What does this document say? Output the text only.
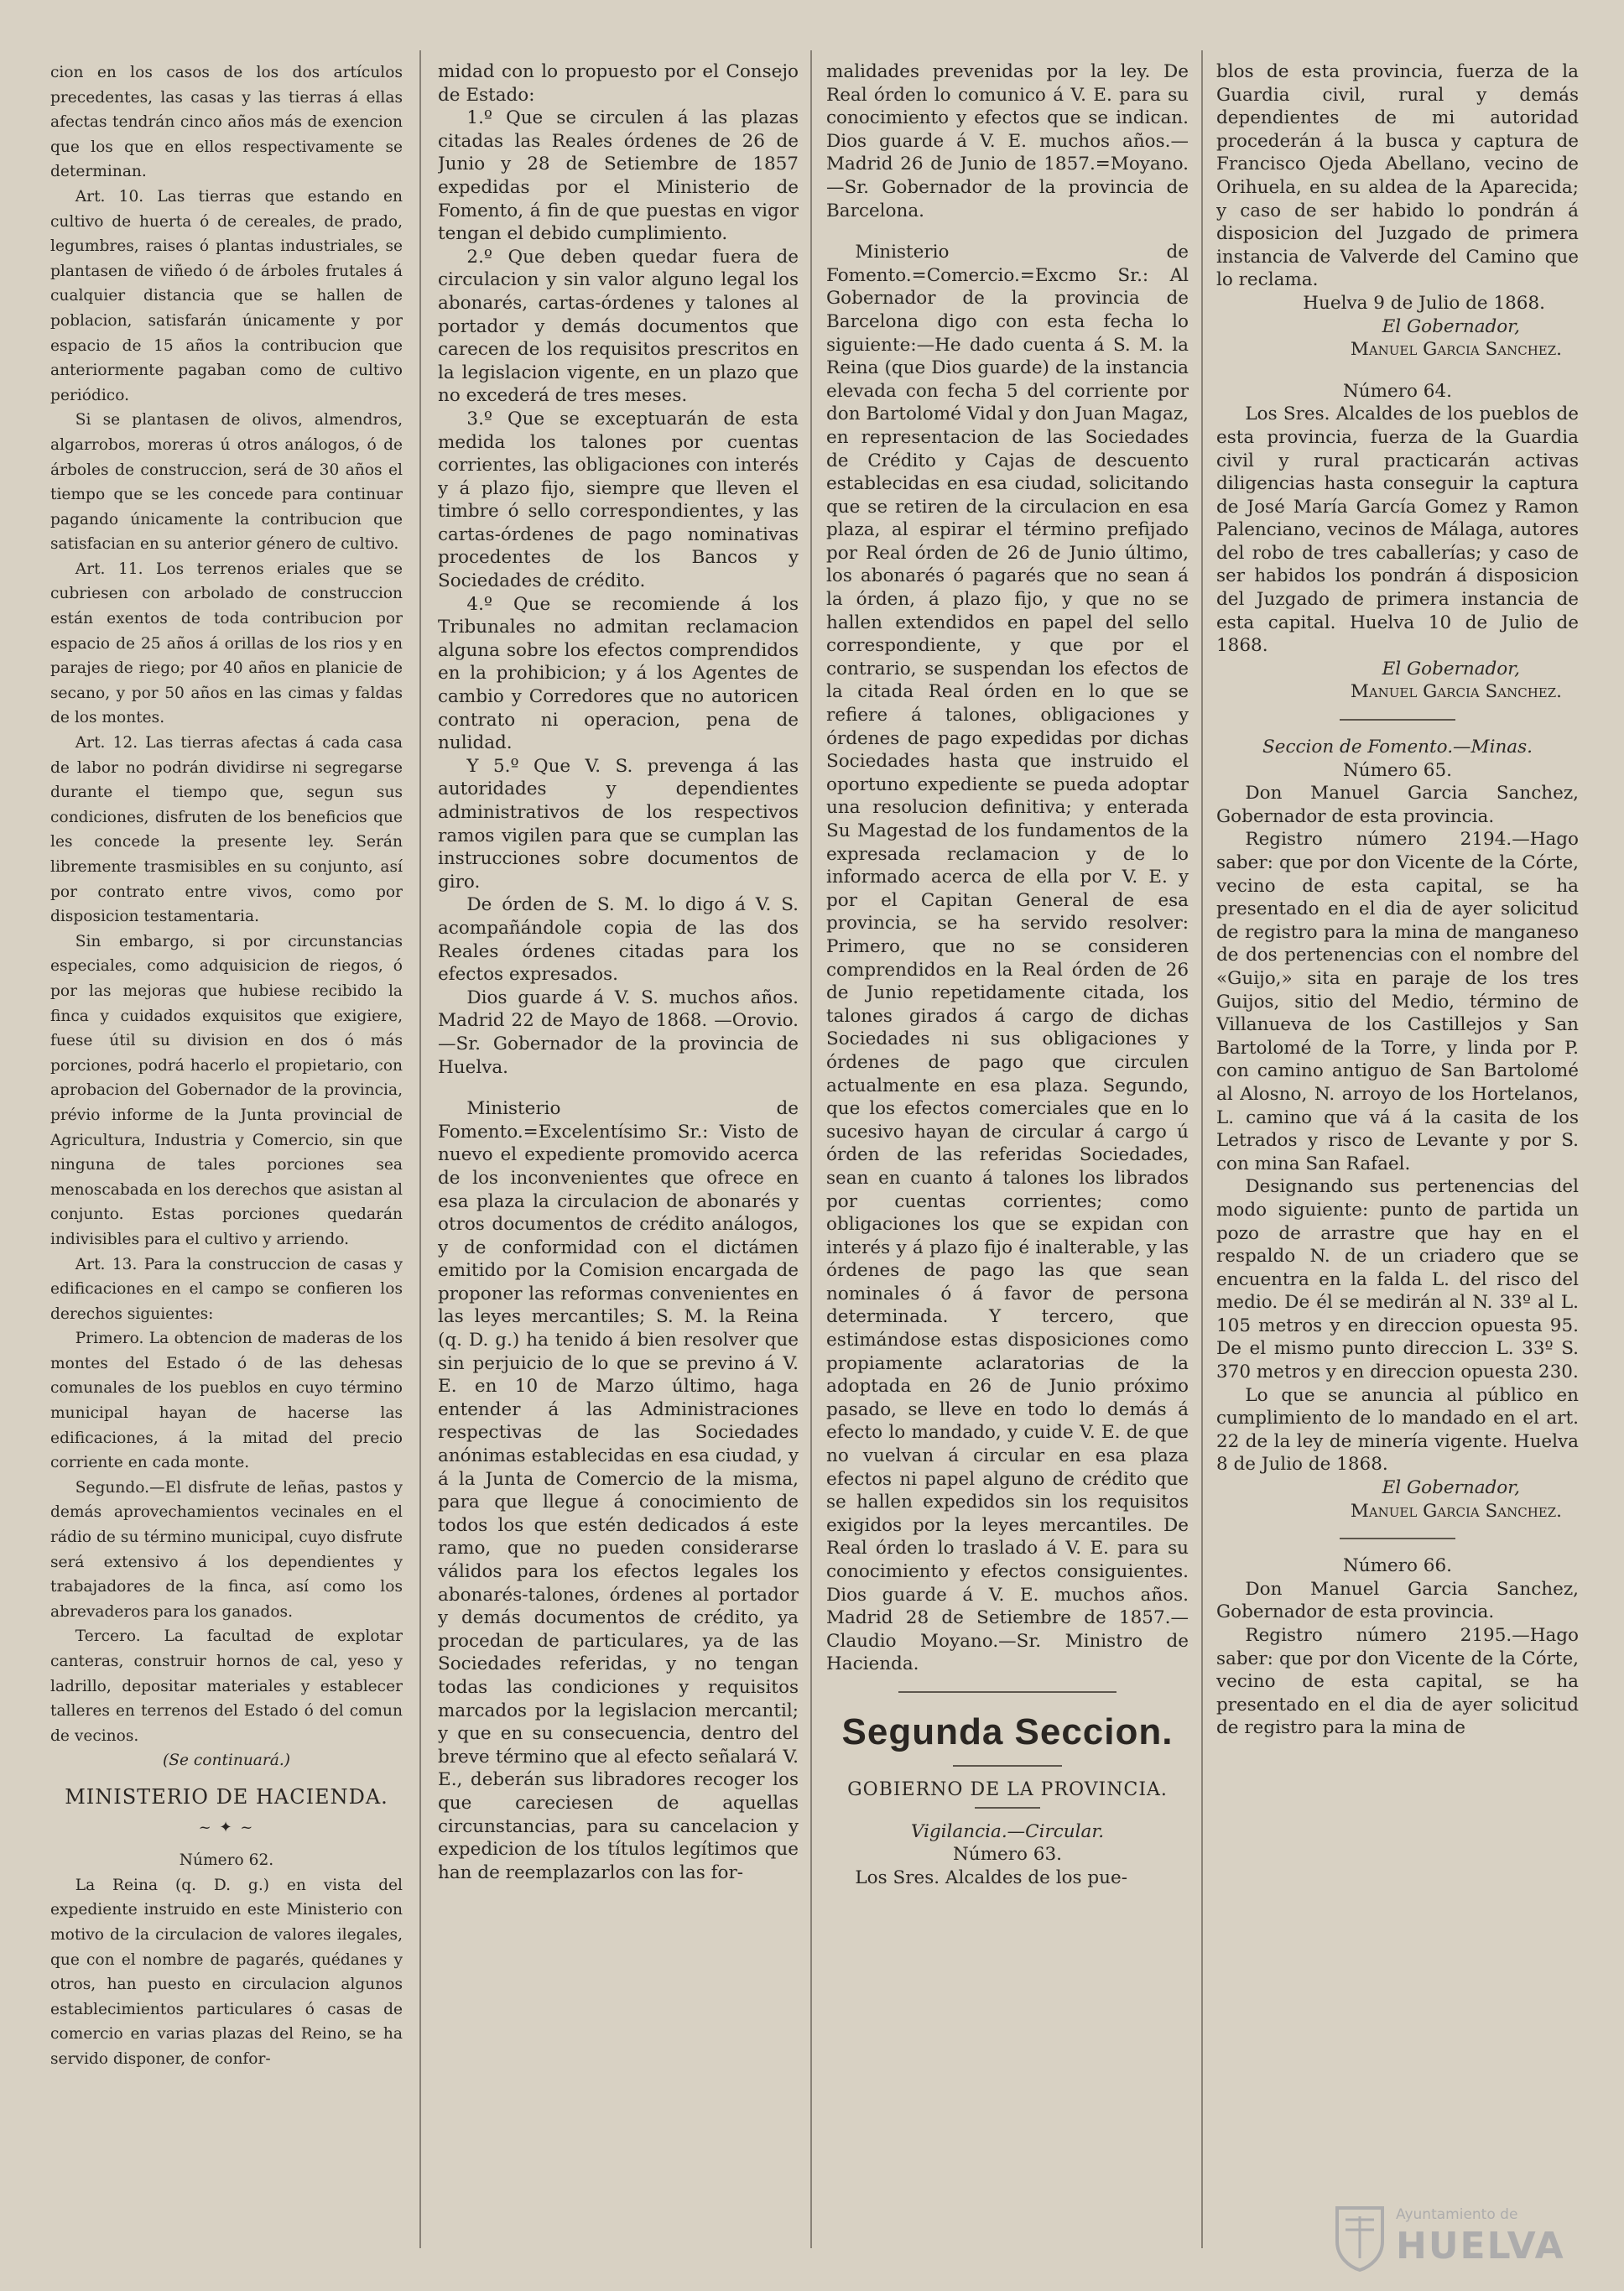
cion en los casos de los dos artículos precedentes, las casas y las tierras á ellas afectas tendrán cinco años más de exencion que los que en ellos respectivamente se determinan.

Art. 10. Las tierras que estando en cultivo de huerta ó de cereales, de prado, legumbres, raises ó plantas industriales, se plantasen de viñedo ó de árboles frutales á cualquier distancia que se hallen de poblacion, satisfarán únicamente y por espacio de 15 años la contribucion que anteriormente pagaban como de cultivo periódico.

Si se plantasen de olivos, almendros, algarrobos, moreras ú otros análogos, ó de árboles de construccion, será de 30 años el tiempo que se les concede para continuar pagando únicamente la contribucion que satisfacian en su anterior género de cultivo.

Art. 11. Los terrenos eriales que se cubriesen con arbolado de construccion están exentos de toda contribucion por espacio de 25 años á orillas de los rios y en parajes de riego; por 40 años en planicie de secano, y por 50 años en las cimas y faldas de los montes.

Art. 12. Las tierras afectas á cada casa de labor no podrán dividirse ni segregarse durante el tiempo que, segun sus condiciones, disfruten de los beneficios que les concede la presente ley. Serán libremente trasmisibles en su conjunto, así por contrato entre vivos, como por disposicion testamentaria.

Sin embargo, si por circunstancias especiales, como adquisicion de riegos, ó por las mejoras que hubiese recibido la finca y cuidados exquisitos que exigiere, fuese útil su division en dos ó más porciones, podrá hacerlo el propietario, con aprobacion del Gobernador de la provincia, prévio informe de la Junta provincial de Agricultura, Industria y Comercio, sin que ninguna de tales porciones sea menoscabada en los derechos que asistan al conjunto. Estas porciones quedarán indivisibles para el cultivo y arriendo.

Art. 13. Para la construccion de casas y edificaciones en el campo se confieren los derechos siguientes:

Primero. La obtencion de maderas de los montes del Estado ó de las dehesas comunales de los pueblos en cuyo término municipal hayan de hacerse las edificaciones, á la mitad del precio corriente en cada monte.

Segundo.—El disfrute de leñas, pastos y demás aprovechamientos vecinales en el rádio de su término municipal, cuyo disfrute será extensivo á los dependientes y trabajadores de la finca, así como los abrevaderos para los ganados.

Tercero. La facultad de explotar canteras, construir hornos de cal, yeso y ladrillo, depositar materiales y establecer talleres en terrenos del Estado ó del comun de vecinos.

(Se continuará.)

MINISTERIO DE HACIENDA.
~ ✦ ~

Número 62.

La Reina (q. D. g.) en vista del expediente instruido en este Ministerio con motivo de la circulacion de valores ilegales, que con el nombre de pagarés, quédanes y otros, han puesto en circulacion algunos establecimientos particulares ó casas de comercio en varias plazas del Reino, se ha servido disponer, de confor-

midad con lo propuesto por el Consejo de Estado:

1.º Que se circulen á las plazas citadas las Reales órdenes de 26 de Junio y 28 de Setiembre de 1857 expedidas por el Ministerio de Fomento, á fin de que puestas en vigor tengan el debido cumplimiento.

2.º Que deben quedar fuera de circulacion y sin valor alguno legal los abonarés, cartas-órdenes y talones al portador y demás documentos que carecen de los requisitos prescritos en la legislacion vigente, en un plazo que no excederá de tres meses.

3.º Que se exceptuarán de esta medida los talones por cuentas corrientes, las obligaciones con interés y á plazo fijo, siempre que lleven el timbre ó sello correspondientes, y las cartas-órdenes de pago nominativas procedentes de los Bancos y Sociedades de crédito.

4.º Que se recomiende á los Tribunales no admitan reclamacion alguna sobre los efectos comprendidos en la prohibicion; y á los Agentes de cambio y Corredores que no autoricen contrato ni operacion, pena de nulidad.

Y 5.º Que V. S. prevenga á las autoridades y dependientes administrativos de los respectivos ramos vigilen para que se cumplan las instrucciones sobre documentos de giro.

De órden de S. M. lo digo á V. S. acompañándole copia de las dos Reales órdenes citadas para los efectos expresados.

Dios guarde á V. S. muchos años. Madrid 22 de Mayo de 1868. —Orovio.—Sr. Gobernador de la provincia de Huelva.

Ministerio de Fomento.=Excelentísimo Sr.: Visto de nuevo el expediente promovido acerca de los inconvenientes que ofrece en esa plaza la circulacion de abonarés y otros documentos de crédito análogos, y de conformidad con el dictámen emitido por la Comision encargada de proponer las reformas convenientes en las leyes mercantiles; S. M. la Reina (q. D. g.) ha tenido á bien resolver que sin perjuicio de lo que se previno á V. E. en 10 de Marzo último, haga entender á las Administraciones respectivas de las Sociedades anónimas establecidas en esa ciudad, y á la Junta de Comercio de la misma, para que llegue á conocimiento de todos los que estén dedicados á este ramo, que no pueden considerarse válidos para los efectos legales los abonarés-talones, órdenes al portador y demás documentos de crédito, ya procedan de particulares, ya de las Sociedades referidas, y no tengan todas las condiciones y requisitos marcados por la legislacion mercantil; y que en su consecuencia, dentro del breve término que al efecto señalará V. E., deberán sus libradores recoger los que careciesen de aquellas circunstancias, para su cancelacion y expedicion de los títulos legítimos que han de reemplazarlos con las for-

malidades prevenidas por la ley. De Real órden lo comunico á V. E. para su conocimiento y efectos que se indican. Dios guarde á V. E. muchos años.—Madrid 26 de Junio de 1857.=Moyano.—Sr. Gobernador de la provincia de Barcelona.

Ministerio de Fomento.=Comercio.=Excmo Sr.: Al Gobernador de la provincia de Barcelona digo con esta fecha lo siguiente:—He dado cuenta á S. M. la Reina (que Dios guarde) de la instancia elevada con fecha 5 del corriente por don Bartolomé Vidal y don Juan Magaz, en representacion de las Sociedades de Crédito y Cajas de descuento establecidas en esa ciudad, solicitando que se retiren de la circulacion en esa plaza, al espirar el término prefijado por Real órden de 26 de Junio último, los abonarés ó pagarés que no sean á la órden, á plazo fijo, y que no se hallen extendidos en papel del sello correspondiente, y que por el contrario, se suspendan los efectos de la citada Real órden en lo que se refiere á talones, obligaciones y órdenes de pago expedidas por dichas Sociedades hasta que instruido el oportuno expediente se pueda adoptar una resolucion definitiva; y enterada Su Magestad de los fundamentos de la expresada reclamacion y de lo informado acerca de ella por V. E. y por el Capitan General de esa provincia, se ha servido resolver: Primero, que no se consideren comprendidos en la Real órden de 26 de Junio repetidamente citada, los talones girados á cargo de dichas Sociedades ni sus obligaciones y órdenes de pago que circulen actualmente en esa plaza. Segundo, que los efectos comerciales que en lo sucesivo hayan de circular á cargo ú órden de las referidas Sociedades, sean en cuanto á talones los librados por cuentas corrientes; como obligaciones los que se expidan con interés y á plazo fijo é inalterable, y las órdenes de pago las que sean nominales ó á favor de persona determinada. Y tercero, que estimándose estas disposiciones como propiamente aclaratorias de la adoptada en 26 de Junio próximo pasado, se lleve en todo lo demás á efecto lo mandado, y cuide V. E. de que no vuelvan á circular en esa plaza efectos ni papel alguno de crédito que se hallen expedidos sin los requisitos exigidos por la leyes mercantiles. De Real órden lo traslado á V. E. para su conocimiento y efectos consiguientes. Dios guarde á V. E. muchos años. Madrid 28 de Setiembre de 1857.—Claudio Moyano.—Sr. Ministro de Hacienda.

Segunda Seccion.
GOBIERNO DE LA PROVINCIA.

Vigilancia.—Circular.

Número 63.

Los Sres. Alcaldes de los pue-

blos de esta provincia, fuerza de la Guardia civil, rural y demás dependientes de mi autoridad procederán á la busca y captura de Francisco Ojeda Abellano, vecino de Orihuela, en su aldea de la Aparecida; y caso de ser habido lo pondrán á disposicion del Juzgado de primera instancia de Valverde del Camino que lo reclama.

Huelva 9 de Julio de 1868.

El Gobernador,

Manuel Garcia Sanchez.

Número 64.

Los Sres. Alcaldes de los pueblos de esta provincia, fuerza de la Guardia civil y rural practicarán activas diligencias hasta conseguir la captura de José María García Gomez y Ramon Palenciano, vecinos de Málaga, autores del robo de tres caballerías; y caso de ser habidos los pondrán á disposicion del Juzgado de primera instancia de esta capital. Huelva 10 de Julio de 1868.

El Gobernador,

Manuel Garcia Sanchez.

Seccion de Fomento.—Minas.

Número 65.

Don Manuel Garcia Sanchez, Gobernador de esta provincia.

Registro número 2194.—Hago saber: que por don Vicente de la Córte, vecino de esta capital, se ha presentado en el dia de ayer solicitud de registro para la mina de manganeso de dos pertenencias con el nombre del «Guijo,» sita en paraje de los tres Guijos, sitio del Medio, término de Villanueva de los Castillejos y San Bartolomé de la Torre, y linda por P. con camino antiguo de San Bartolomé al Alosno, N. arroyo de los Hortelanos, L. camino que vá á la casita de los Letrados y risco de Levante y por S. con mina San Rafael.

Designando sus pertenencias del modo siguiente: punto de partida un pozo de arrastre que hay en el respaldo N. de un criadero que se encuentra en la falda L. del risco del medio. De él se medirán al N. 33º al L. 105 metros y en direccion opuesta 95. De el mismo punto direccion L. 33º S. 370 metros y en direccion opuesta 230.

Lo que se anuncia al público en cumplimiento de lo mandado en el art. 22 de la ley de minería vigente. Huelva 8 de Julio de 1868.

El Gobernador,

Manuel Garcia Sanchez.

Número 66.

Don Manuel Garcia Sanchez, Gobernador de esta provincia.

Registro número 2195.—Hago saber: que por don Vicente de la Córte, vecino de esta capital, se ha presentado en el dia de ayer solicitud de registro para la mina de

Ayuntamiento de
HUELVA
